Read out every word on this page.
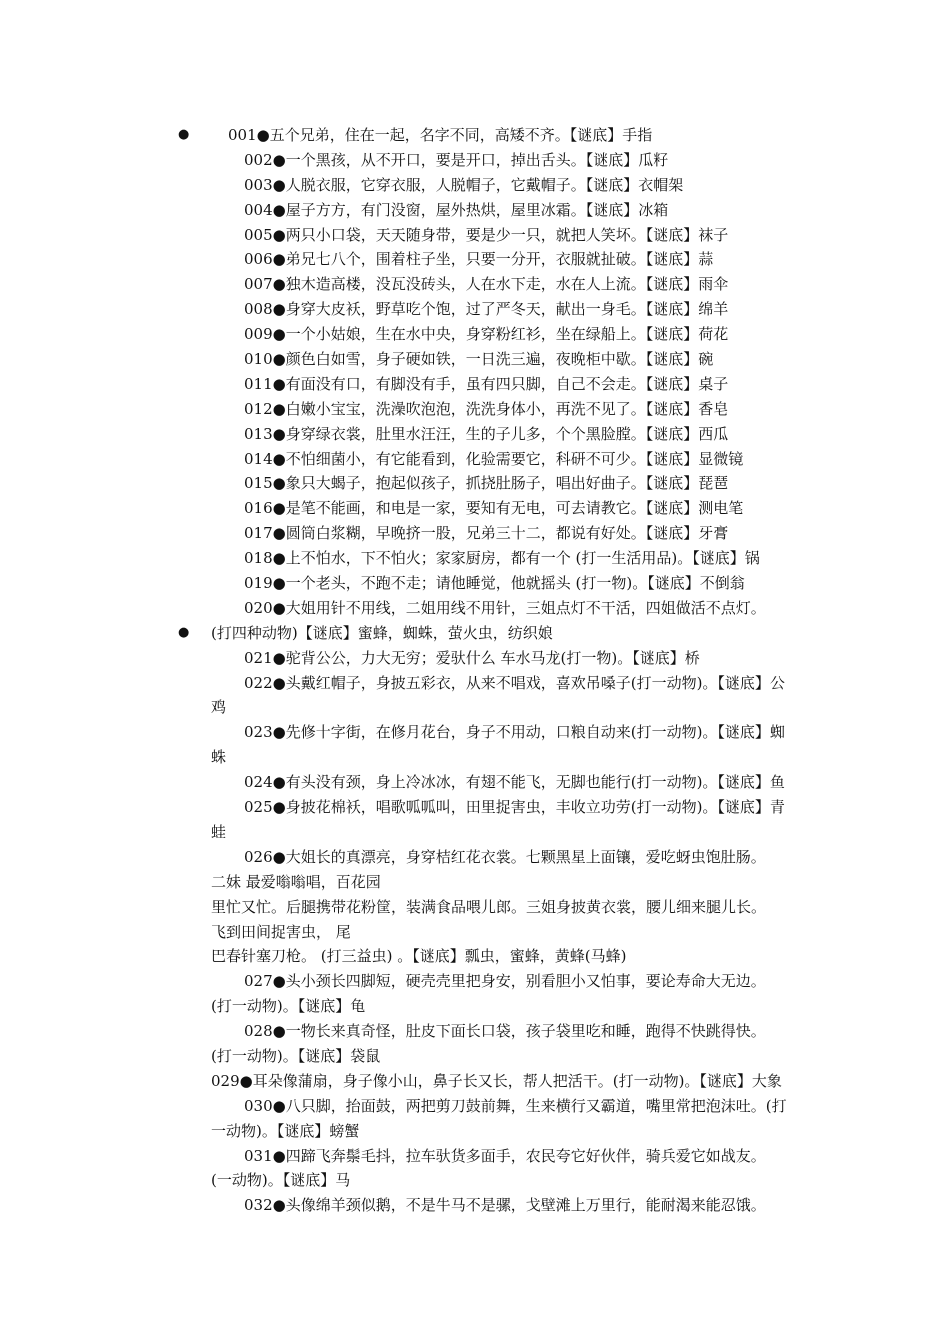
●	001●五个兄弟，住在一起，名字不同，高矮不齐。【谜底】手指
002●一个黑孩，从不开口，要是开口，掉出舌头。【谜底】瓜籽
003●人脱衣服，它穿衣服，人脱帽子，它戴帽子。【谜底】衣帽架
004●屋子方方，有门没窗，屋外热烘，屋里冰霜。【谜底】冰箱
005●两只小口袋，天天随身带，要是少一只，就把人笑坏。【谜底】袜子
006●弟兄七八个，围着柱子坐，只要一分开，衣服就扯破。【谜底】蒜
007●独木造高楼，没瓦没砖头，人在水下走，水在人上流。【谜底】雨伞
008●身穿大皮袄，野草吃个饱，过了严冬天，献出一身毛。【谜底】绵羊
009●一个小姑娘，生在水中央，身穿粉红衫，坐在绿船上。【谜底】荷花
010●颜色白如雪，身子硬如铁，一日洗三遍，夜晚柜中歇。【谜底】碗
011●有面没有口，有脚没有手，虽有四只脚，自己不会走。【谜底】桌子
012●白嫩小宝宝，洗澡吹泡泡，洗洗身体小，再洗不见了。【谜底】香皂
013●身穿绿衣裳，肚里水汪汪，生的子儿多，个个黑脸膛。【谜底】西瓜
014●不怕细菌小，有它能看到，化验需要它，科研不可少。【谜底】显微镜
015●象只大蝎子，抱起似孩子，抓挠肚肠子，唱出好曲子。【谜底】琵琶
016●是笔不能画，和电是一家，要知有无电，可去请教它。【谜底】测电笔
017●圆筒白浆糊，早晚挤一股，兄弟三十二，都说有好处。【谜底】牙膏
018●上不怕水，下不怕火；家家厨房，都有一个 (打一生活用品)。【谜底】锅
019●一个老头，不跑不走；请他睡觉，他就摇头 (打一物)。【谜底】不倒翁
020●大姐用针不用线，二姐用线不用针，三姐点灯不干活，四姐做活不点灯。
● (打四种动物)【谜底】蜜蜂，蜘蛛，萤火虫，纺织娘
021●驼背公公，力大无穷；爱驮什么 车水马龙(打一物)。【谜底】桥
022●头戴红帽子，身披五彩衣，从来不唱戏，喜欢吊嗓子(打一动物)。【谜底】公
鸡
023●先修十字街，在修月花台，身子不用动，口粮自动来(打一动物)。【谜底】蜘
蛛
024●有头没有颈，身上冷冰冰，有翅不能飞，无脚也能行(打一动物)。【谜底】鱼
025●身披花棉袄，唱歌呱呱叫，田里捉害虫，丰收立功劳(打一动物)。【谜底】青
蛙
026●大姐长的真漂亮，身穿桔红花衣裳。七颗黑星上面镶，爱吃蚜虫饱肚肠。
二妹 最爱嗡嗡唱，百花园
里忙又忙。后腿携带花粉筐，装满食品喂儿郎。三姐身披黄衣裳，腰儿细来腿儿长。
飞到田间捉害虫， 尾
巴春针塞刀枪。 (打三益虫) 。【谜底】瓢虫，蜜蜂，黄蜂(马蜂)
027●头小颈长四脚短，硬壳壳里把身安，别看胆小又怕事，要论寿命大无边。
(打一动物)。【谜底】龟
028●一物长来真奇怪，肚皮下面长口袋，孩子袋里吃和睡，跑得不快跳得快。
(打一动物)。【谜底】袋鼠
029●耳朵像蒲扇，身子像小山，鼻子长又长，帮人把活干。(打一动物)。【谜底】大象
030●八只脚，抬面鼓，两把剪刀鼓前舞，生来横行又霸道，嘴里常把泡沫吐。(打
一动物)。【谜底】螃蟹
031●四蹄飞奔鬃毛抖，拉车驮货多面手，农民夸它好伙伴，骑兵爱它如战友。
(一动物)。【谜底】马
032●头像绵羊颈似鹅，不是牛马不是骡，戈壁滩上万里行，能耐渴来能忍饿。
